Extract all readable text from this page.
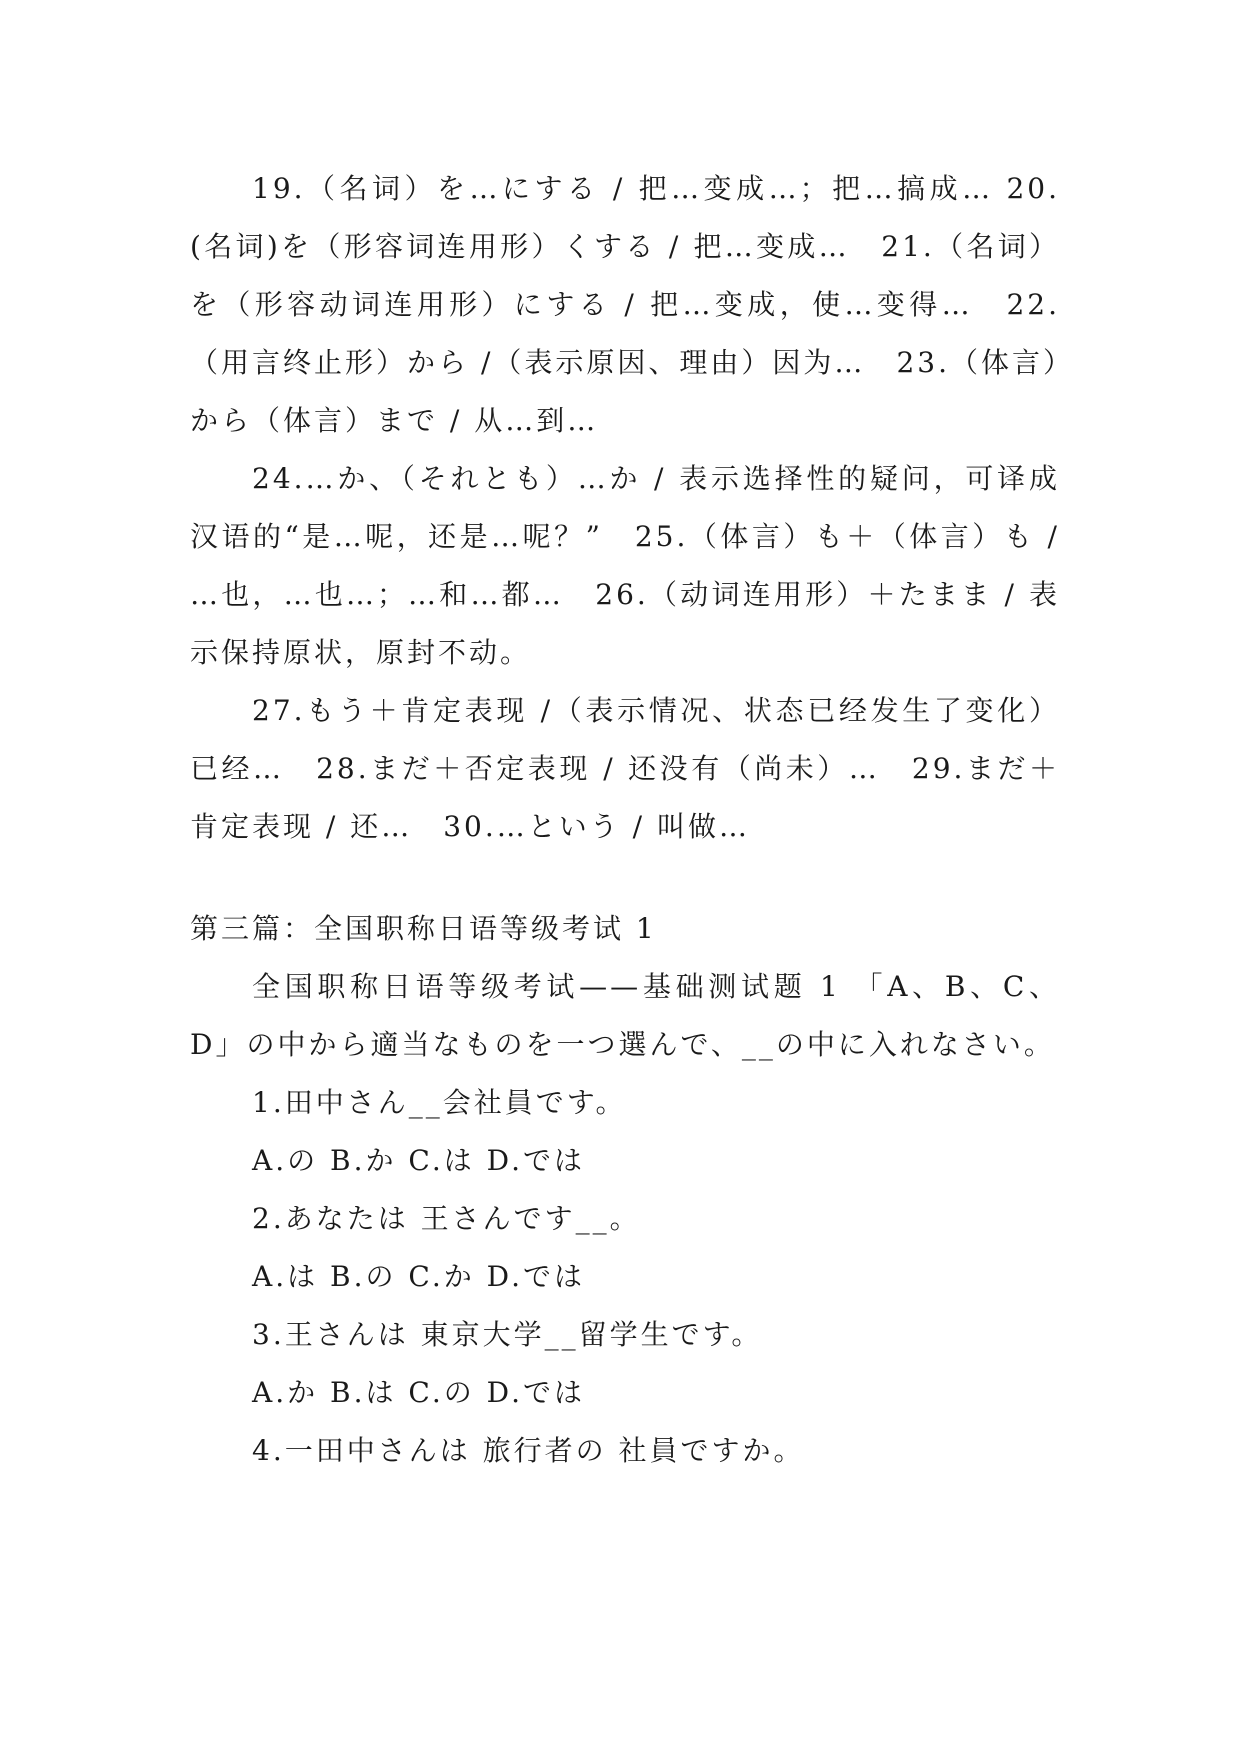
19.（名词）を…にする / 把…变成…；把…搞成… 20.(名词)を（形容词连用形）くする / 把…变成…　21.（名词）を（形容动词连用形）にする / 把…变成，使…变得…　22.（用言终止形）から /（表示原因、理由）因为…　23.（体言）から（体言）まで / 从…到…

24.…か、（それとも）…か / 表示选择性的疑问，可译成汉语的“是…呢，还是…呢？”　25.（体言）も＋（体言）も / …也，…也…；…和…都…　26.（动词连用形）＋たまま / 表示保持原状，原封不动。

27.もう＋肯定表现 /（表示情况、状态已经发生了变化）已经…　28.まだ＋否定表现 / 还没有（尚未）…　29.まだ＋肯定表现 / 还…　30.…という / 叫做…

第三篇：全国职称日语等级考试 1

全国职称日语等级考试——基础测试题 1 「A、B、C、D」の中から適当なものを一つ選んで、__の中に入れなさい。

1.田中さん__会社員です。

A.の B.か C.は D.では

2.あなたは 王さんです__。

A.は B.の C.か D.では

3.王さんは 東京大学__留学生です。

A.か B.は C.の D.では

4.一田中さんは 旅行者の 社員ですか。
